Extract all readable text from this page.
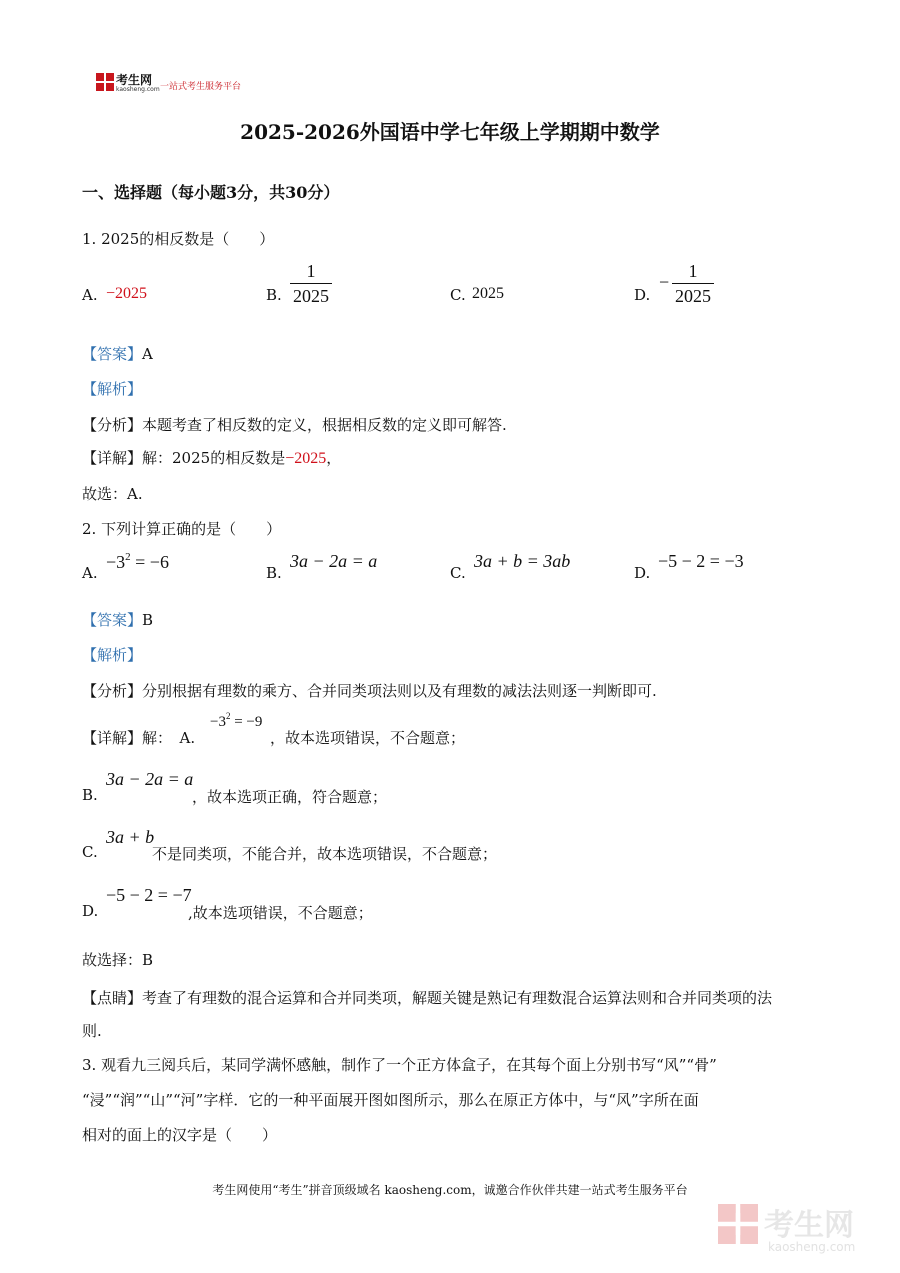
考生网
kaosheng.com 一站式考生服务平台
2025-2026外国语中学七年级上学期期中数学
一、选择题（每小题3分，共30分）
1. 2025的相反数是（　　）
A. −2025	B.
1
2025	C. 2025	D.
−
1
2025
【答案】A
【解析】
【分析】本题考查了相反数的定义，根据相反数的定义即可解答.
【详解】解：2025的相反数是−2025，
故选：A.
2. 下列计算正确的是（　　）
A.
$-3^2 = -6$
B.
3a − 2a = a
C.
3a + b = 3ab
D.
−5 − 2 = −3
【答案】B
【解析】
【分析】分别根据有理数的乘方、合并同类项法则以及有理数的减法法则逐一判断即可.
【详解】解：　A.
$-3^2 = -9$
，故本选项错误，不合题意；
B.
3a − 2a = a
，故本选项正确，符合题意；
C.
3a + b
不是同类项，不能合并，故本选项错误，不合题意；
D.
−5 − 2 = −7
,故本选项错误，不合题意；
故选择：B
【点睛】考查了有理数的混合运算和合并同类项，解题关键是熟记有理数混合运算法则和合并同类项的法
则.
3. 观看九三阅兵后，某同学满怀感触，制作了一个正方体盒子，在其每个面上分别书写“风”“骨”
“浸”“润”“山”“河”字样．它的一种平面展开图如图所示，那么在原正方体中，与“风”字所在面
相对的面上的汉字是（　　）
考生网使用“考生”拼音顶级域名 kaosheng.com，诚邀合作伙伴共建一站式考生服务平台
考生网
kaosheng.com
